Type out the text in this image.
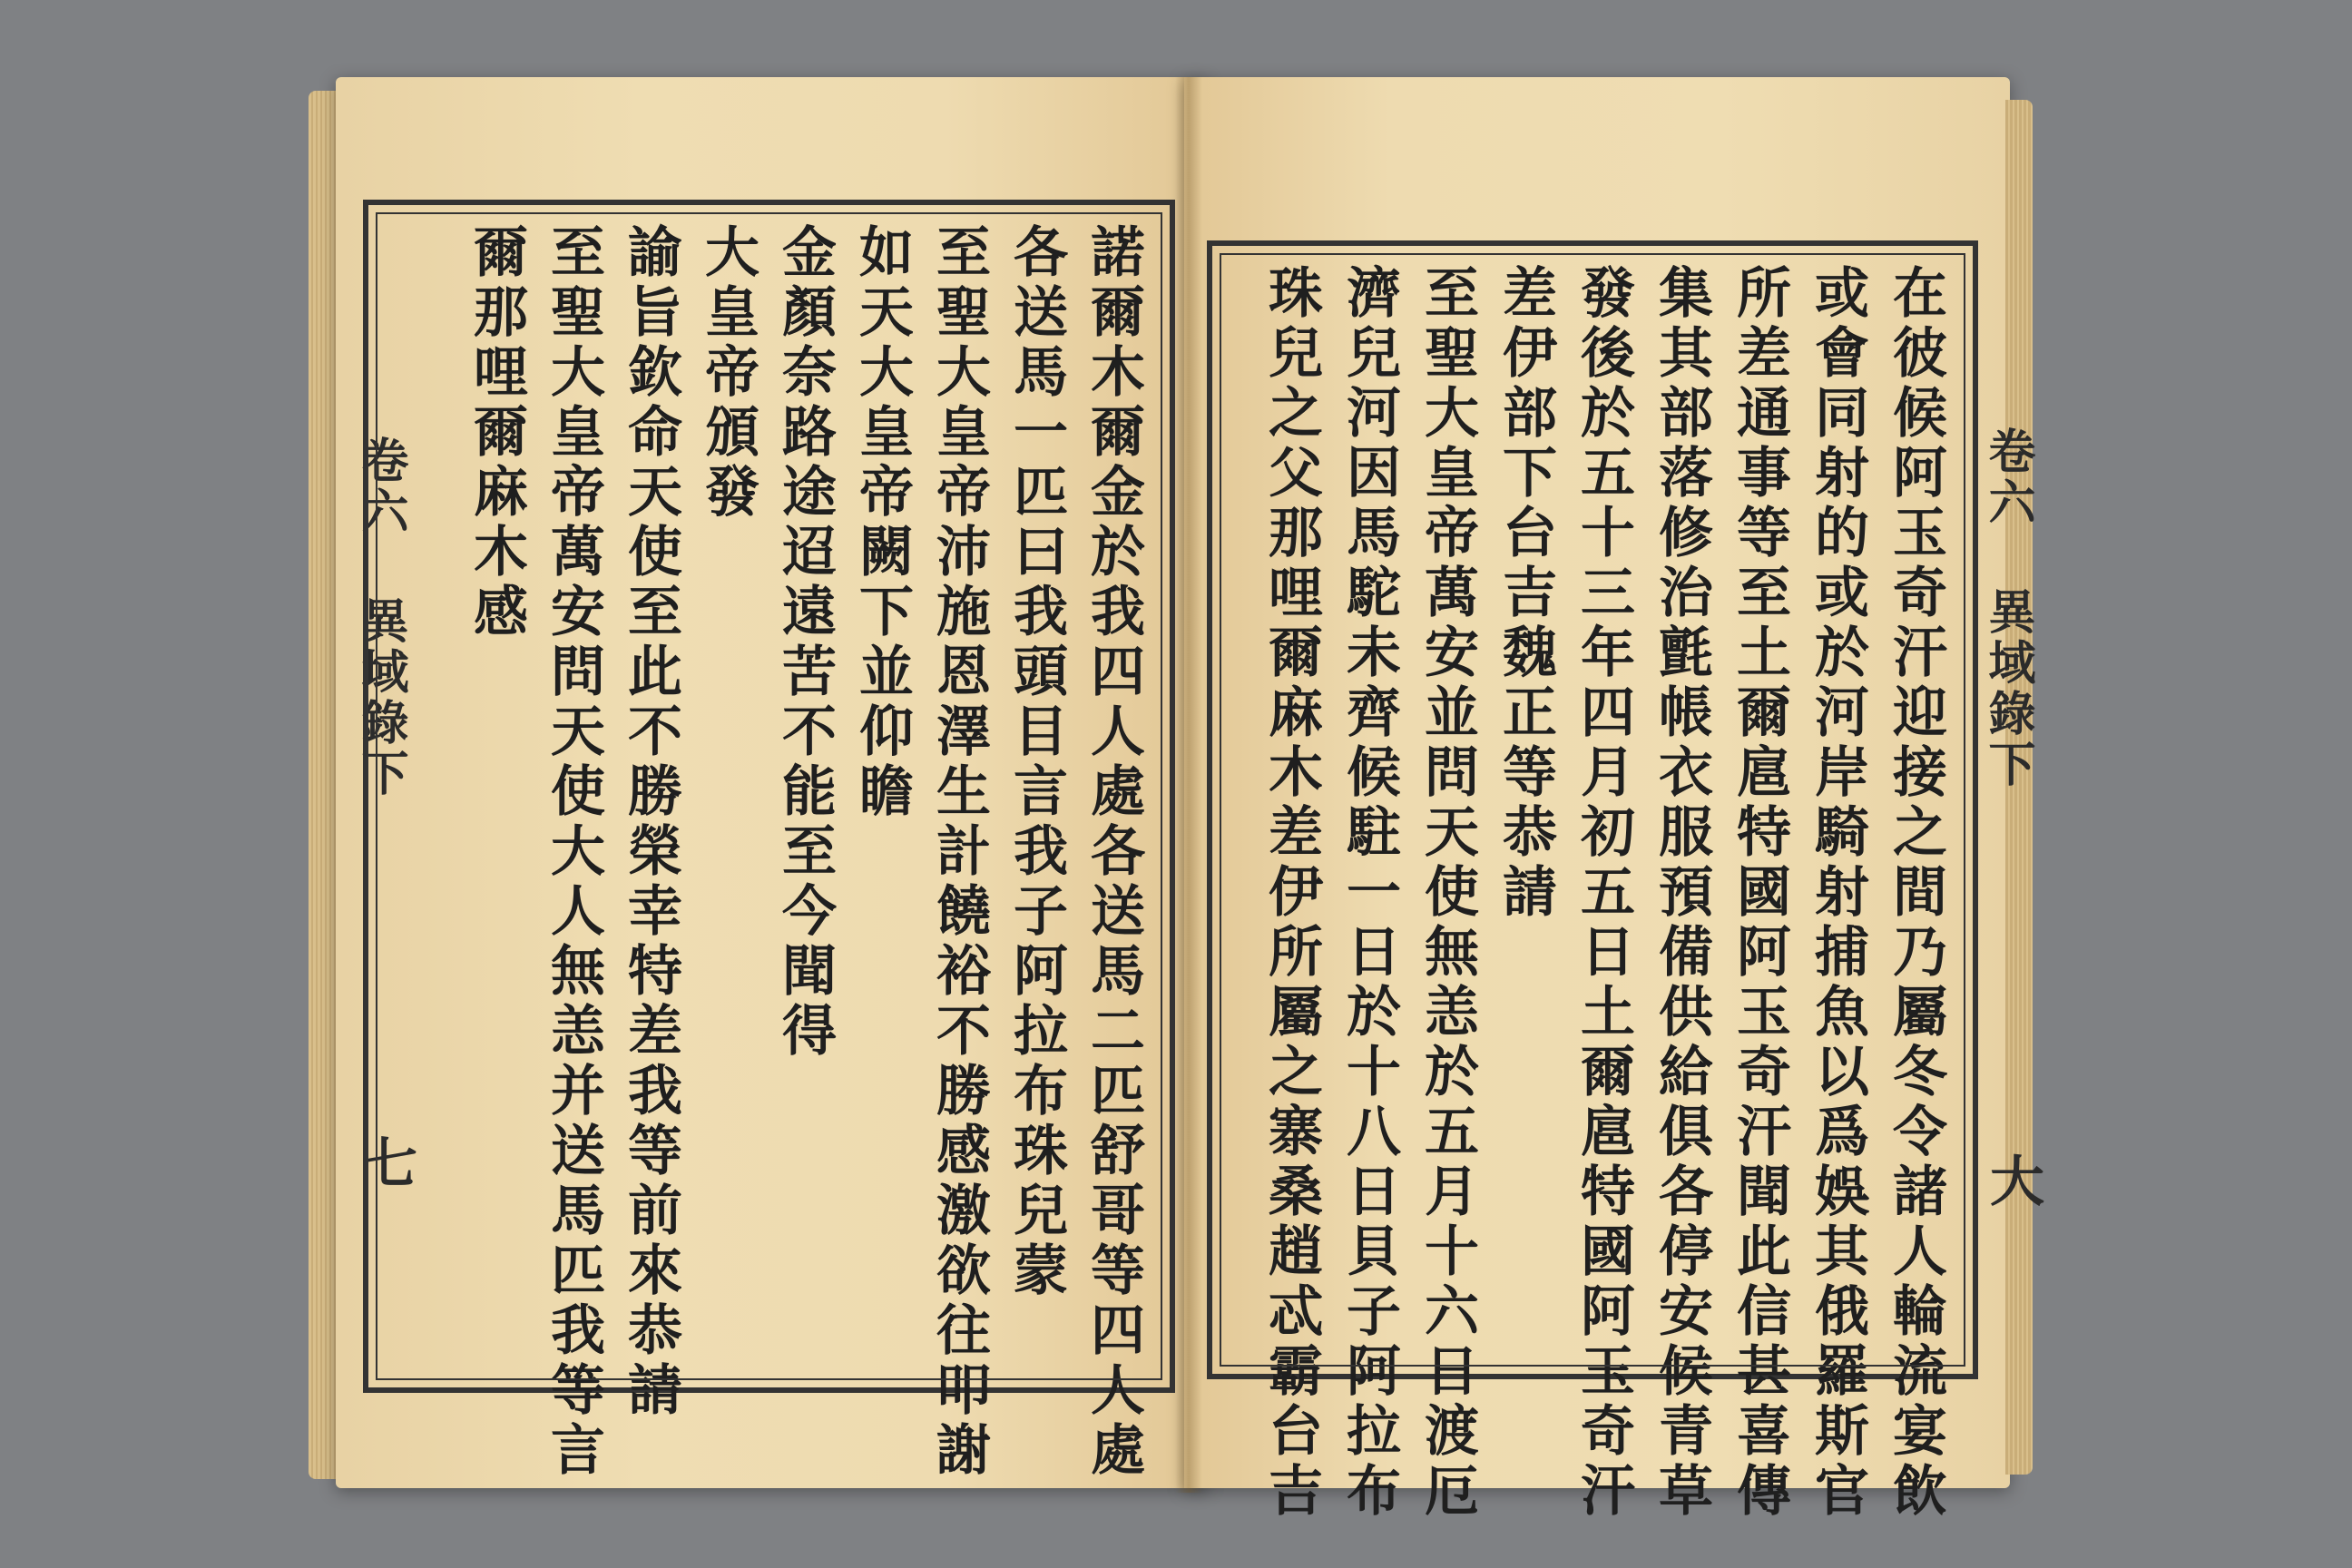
卷六 異域錄下
七	諾爾木爾金於我四人處各送馬二匹舒哥等四人處
各送馬一匹曰我頭目言我子阿拉布珠兒蒙
至聖大皇帝沛施恩澤生計饒裕不勝感激欲往叩謝
如天大皇帝闕下並仰瞻
金顏奈路途迢遠苦不能至今聞得
大皇帝頒發
諭旨欽命天使至此不勝榮幸特差我等前來恭請
至聖大皇帝萬安問天使大人無恙并送馬匹我等言
爾那哩爾麻木感	在彼候阿玉奇汗迎接之間乃屬冬令諸人輪流宴飲
或會同射的或於河岸騎射捕魚以爲娛其俄羅斯官
所差通事等至土爾扈特國阿玉奇汗聞此信甚喜傳
集其部落修治氈帳衣服預備供給俱各停安候青草
發後於五十三年四月初五日土爾扈特國阿玉奇汗
差伊部下台吉魏正等恭請
至聖大皇帝萬安並問天使無恙於五月十六日渡厄
濟兒河因馬駝未齊候駐一日於十八日貝子阿拉布
珠兒之父那哩爾麻木差伊所屬之寨桑趙忒霸台吉	卷六 異域錄下
大
